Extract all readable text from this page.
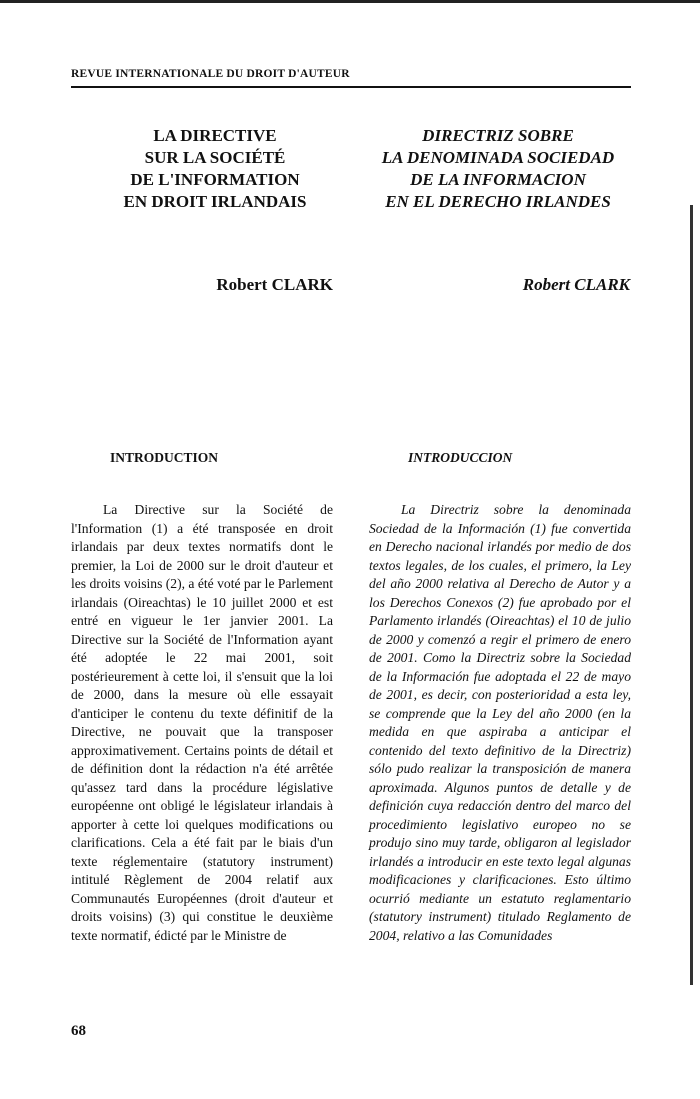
REVUE INTERNATIONALE DU DROIT D'AUTEUR
LA DIRECTIVE
SUR LA SOCIÉTÉ
DE L'INFORMATION
EN DROIT IRLANDAIS
DIRECTRIZ SOBRE
LA DENOMINADA SOCIEDAD
DE LA INFORMACION
EN EL DERECHO IRLANDES
Robert CLARK	Robert CLARK
INTRODUCTION	INTRODUCCION

La Directive sur la Société de l'Information (1) a été transposée en droit irlandais par deux textes normatifs dont le premier, la Loi de 2000 sur le droit d'auteur et les droits voisins (2), a été voté par le Parlement irlandais (Oireachtas) le 10 juillet 2000 et est entré en vigueur le 1er janvier 2001. La Directive sur la Société de l'Information ayant été adoptée le 22 mai 2001, soit postérieurement à cette loi, il s'ensuit que la loi de 2000, dans la mesure où elle essayait d'anticiper le contenu du texte définitif de la Directive, ne pouvait que la transposer approximativement. Certains points de détail et de définition dont la rédaction n'a été arrêtée qu'assez tard dans la procédure législative européenne ont obligé le législateur irlandais à apporter à cette loi quelques modifications ou clarifications. Cela a été fait par le biais d'un texte réglementaire (statutory instrument) intitulé Règlement de 2004 relatif aux Communautés Européennes (droit d'auteur et droits voisins) (3) qui constitue le deuxième texte normatif, édicté par le Ministre de

La Directriz sobre la denominada Sociedad de la Información (1) fue convertida en Derecho nacional irlandés por medio de dos textos legales, de los cuales, el primero, la Ley del año 2000 relativa al Derecho de Autor y a los Derechos Conexos (2) fue aprobado por el Parlamento irlandés (Oireachtas) el 10 de julio de 2000 y comenzó a regir el primero de enero de 2001. Como la Directriz sobre la Sociedad de la Información fue adoptada el 22 de mayo de 2001, es decir, con posterioridad a esta ley, se comprende que la Ley del año 2000 (en la medida en que aspiraba a anticipar el contenido del texto definitivo de la Directriz) sólo pudo realizar la transposición de manera aproximada. Algunos puntos de detalle y de definición cuya redacción dentro del marco del procedimiento legislativo europeo no se produjo sino muy tarde, obligaron al legislador irlandés a introducir en este texto legal algunas modificaciones y clarificaciones. Esto último ocurrió mediante un estatuto reglamentario (statutory instrument) titulado Reglamento de 2004, relativo a las Comunidades

68
